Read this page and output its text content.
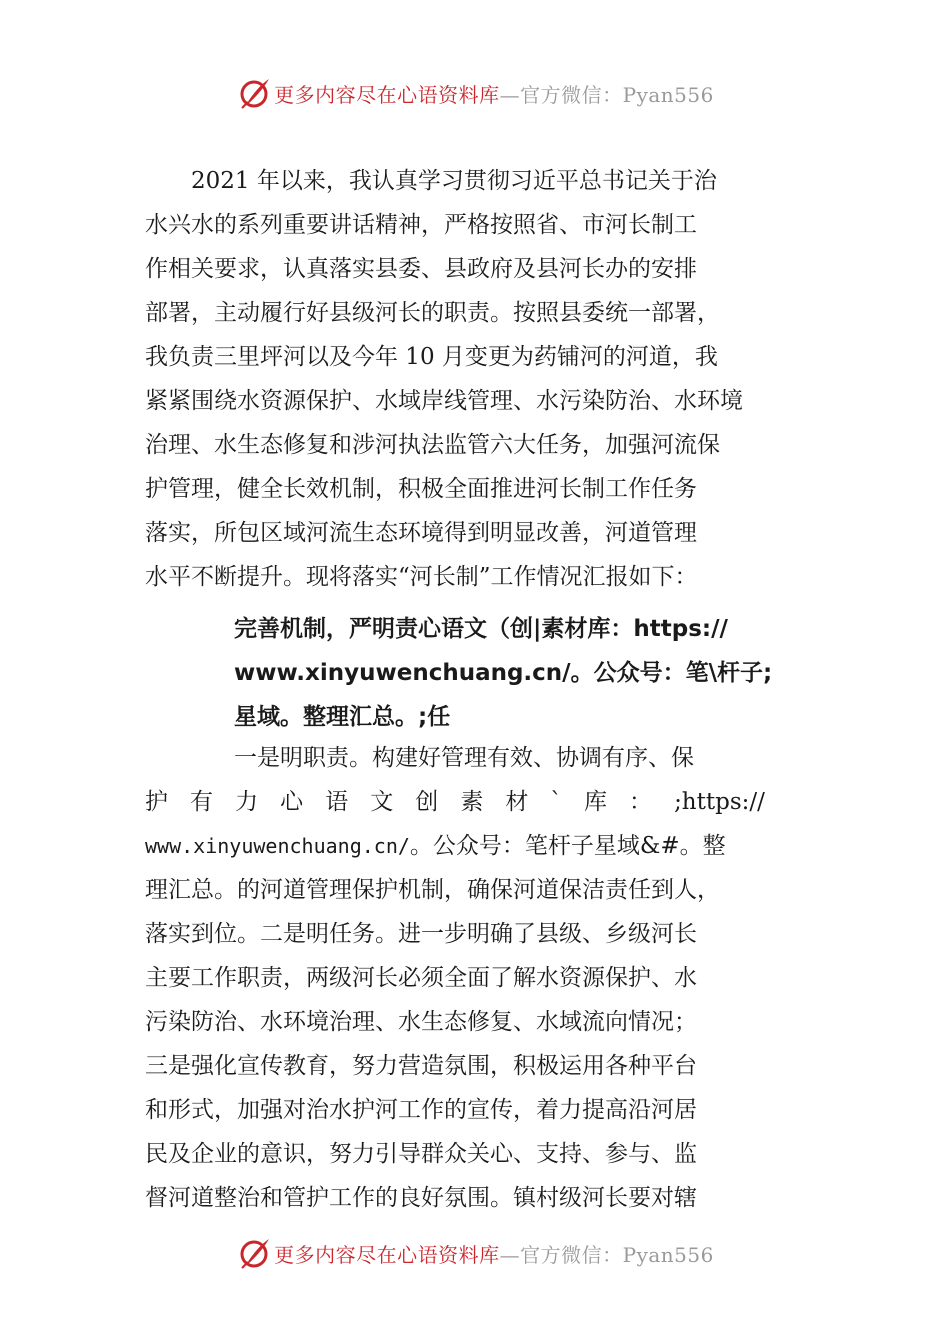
更多内容尽在心语资料库—官方微信：Pyan556
2021 年以来，我认真学习贯彻习近平总书记关于治
水兴水的系列重要讲话精神，严格按照省、市河长制工
作相关要求，认真落实县委、县政府及县河长办的安排
部署，主动履行好县级河长的职责。按照县委统一部署，
我负责三里坪河以及今年 10 月变更为药铺河的河道，我
紧紧围绕水资源保护、水域岸线管理、水污染防治、水环境
治理、水生态修复和涉河执法监管六大任务，加强河流保
护管理，健全长效机制，积极全面推进河长制工作任务
落实，所包区域河流生态环境得到明显改善，河道管理
水平不断提升。现将落实“河长制”工作情况汇报如下：
完善机制，严明责心语文（创|素材库：https://
www.xinyuwenchuang.cn/。公众号：笔\杆子;
星域。整理汇总。;任
一是明职责。构建好管理有效、协调有序、保
护 有 力 心 语 文 创 素 材 ` 库 ： ;https://
www.xinyuwenchuang.cn/。公众号：笔杆子星域&#。整
理汇总。的河道管理保护机制，确保河道保洁责任到人，
落实到位。二是明任务。进一步明确了县级、乡级河长
主要工作职责，两级河长必须全面了解水资源保护、水
污染防治、水环境治理、水生态修复、水域流向情况；
三是强化宣传教育，努力营造氛围，积极运用各种平台
和形式，加强对治水护河工作的宣传，着力提高沿河居
民及企业的意识，努力引导群众关心、支持、参与、监
督河道整治和管护工作的良好氛围。镇村级河长要对辖
更多内容尽在心语资料库—官方微信：Pyan556
